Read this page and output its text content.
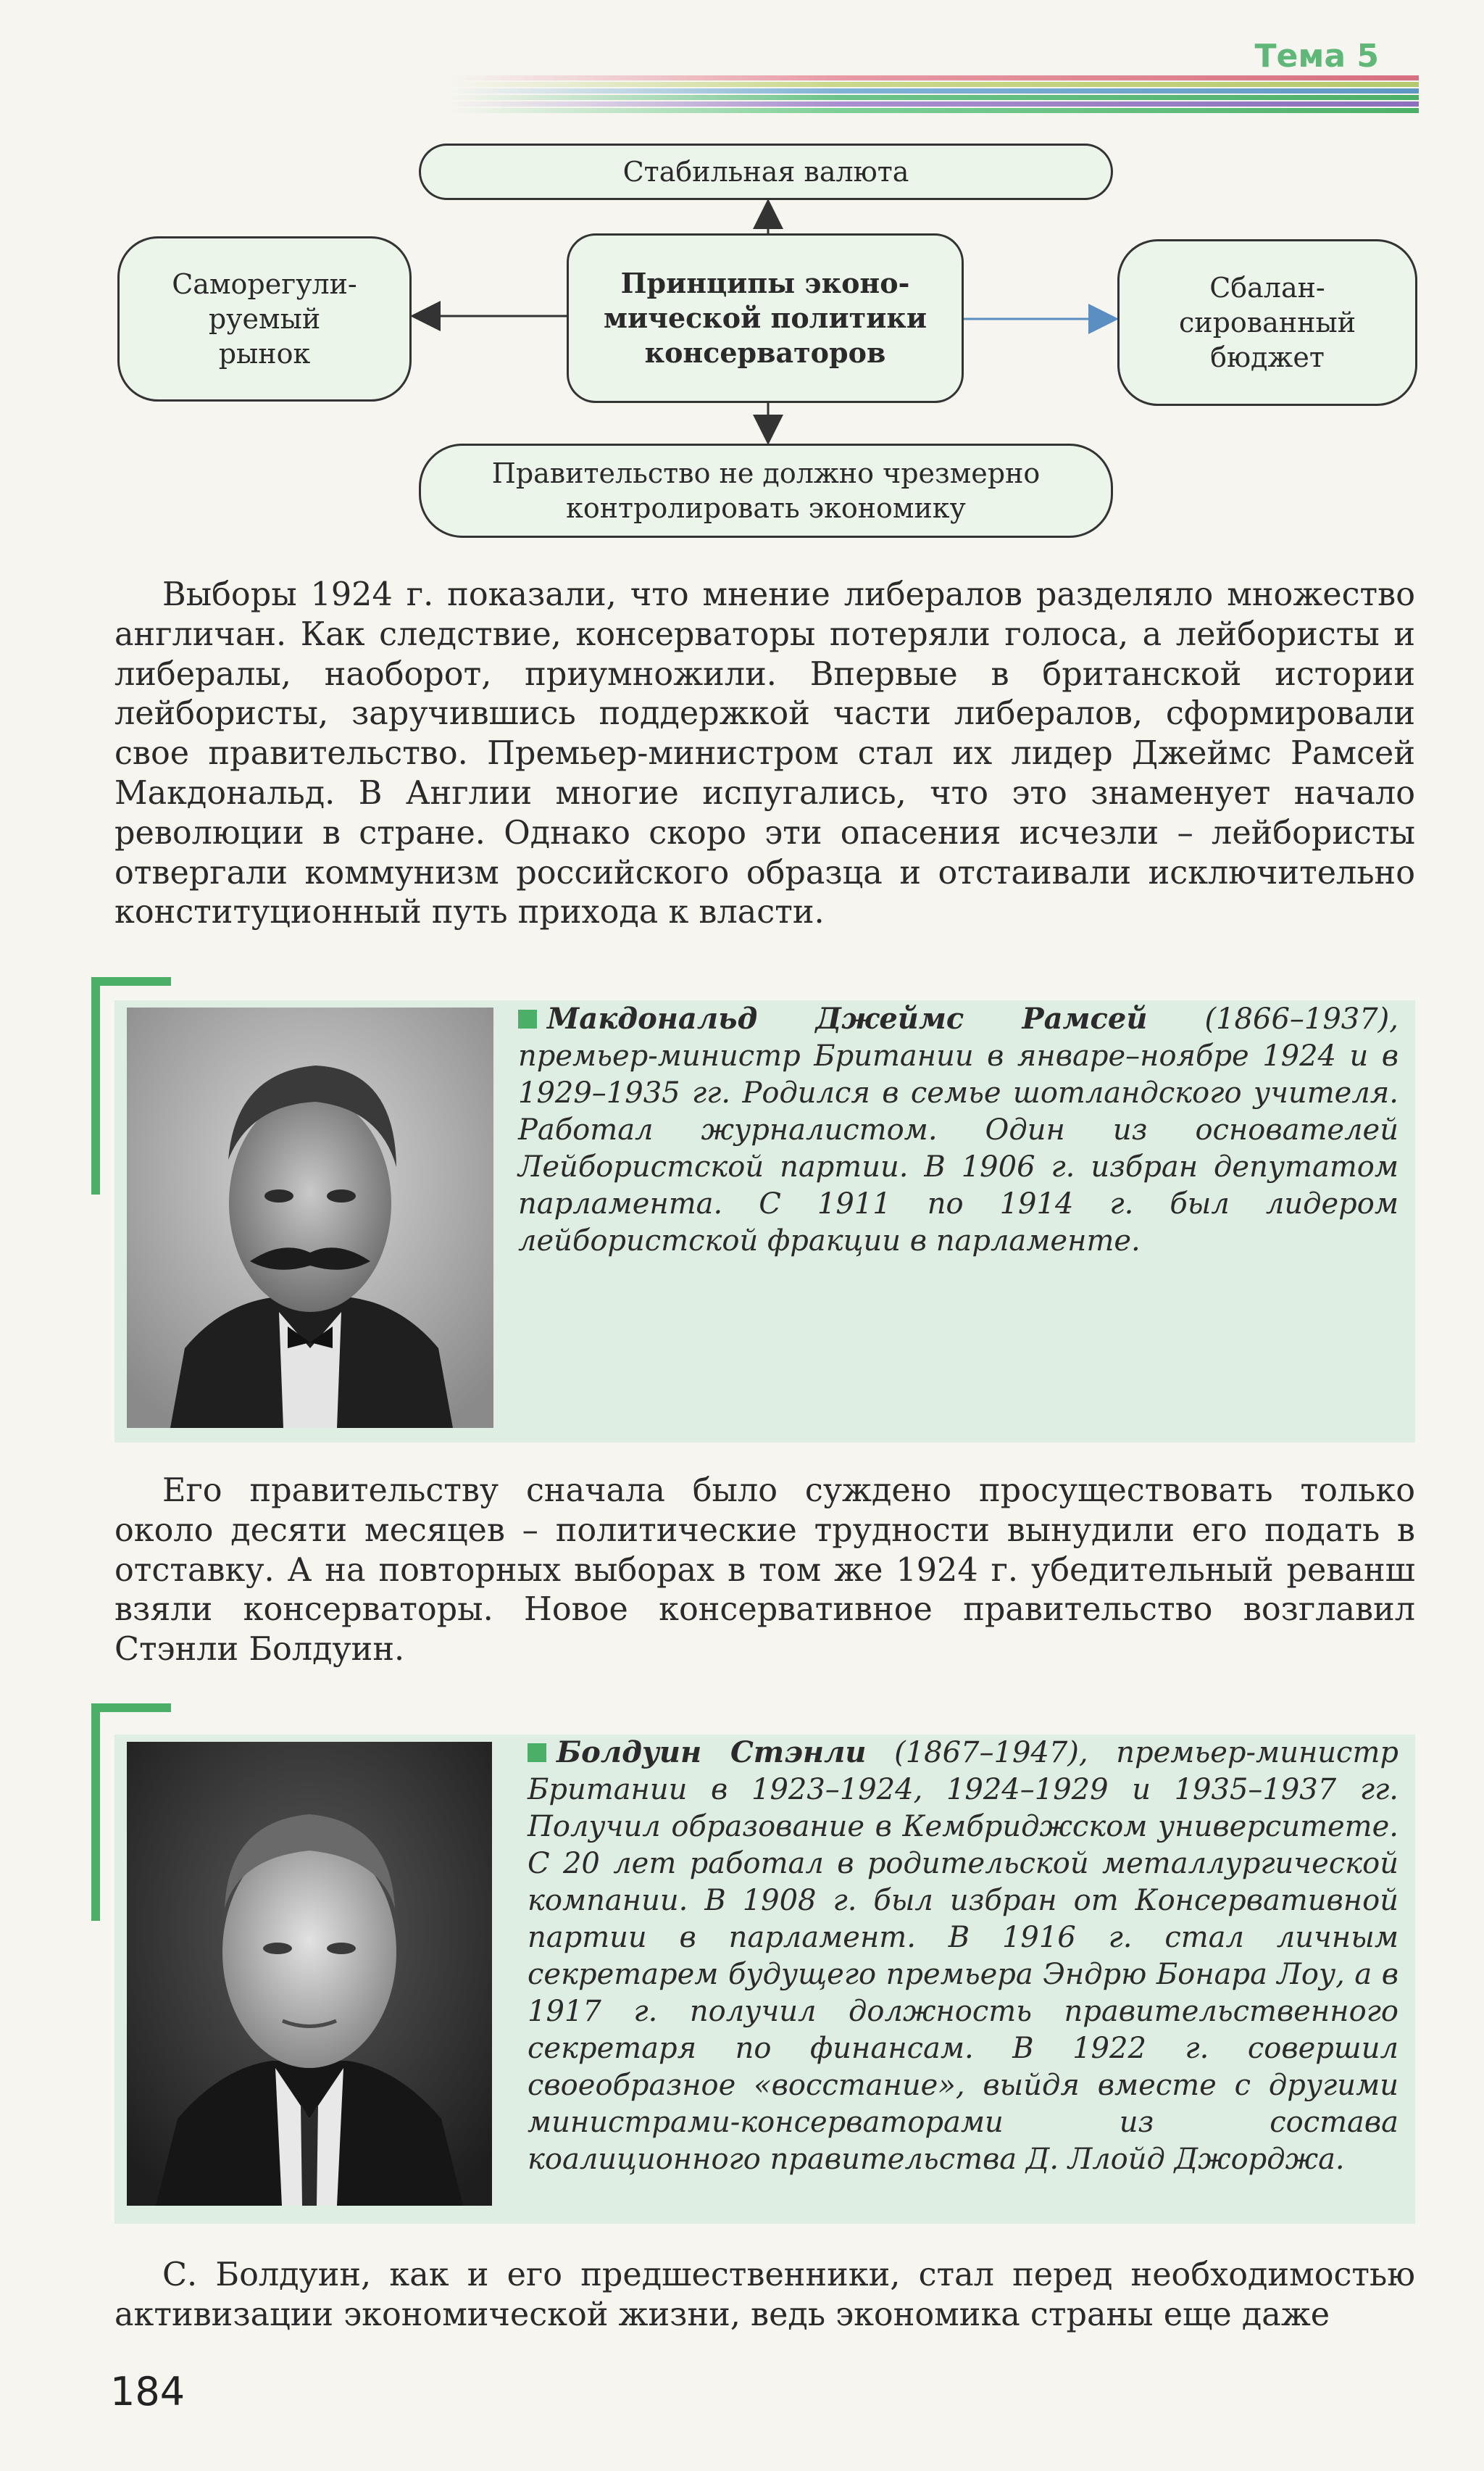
Тема 5
Стабильная валюта
Принципы эконо-
мической политики
консерваторов
Саморегули-
руемый
рынок
Сбалан-
сированный
бюджет
Правительство не должно чрезмерно
контролировать экономику

Выборы 1924 г. показали, что мнение либералов разделяло множество англичан. Как следствие, консерваторы потеряли голоса, а лейбористы и либералы, наоборот, приумножили. Впервые в британской истории лейбористы, заручившись поддержкой части либералов, сформировали свое правительство. Премьер-министром стал их лидер Джеймс Рамсей Макдональд. В Англии многие испугались, что это знаменует начало революции в стране. Однако скоро эти опасения исчезли – лейбористы отвергали коммунизм российского образца и отстаивали исключительно конституционный путь прихода к власти.

Макдональд Джеймс Рамсей (1866–1937), премьер-министр Британии в январе–ноябре 1924 и в 1929–1935 гг. Родился в семье шотландского учителя. Работал журналистом. Один из основателей Лейбористской партии. В 1906 г. избран депутатом парламента. С 1911 по 1914 г. был лидером лейбористской фракции в парламенте.

Его правительству сначала было суждено просуществовать только около десяти месяцев – политические трудности вынудили его подать в отставку. А на повторных выборах в том же 1924 г. убедительный реванш взяли консерваторы. Новое консервативное правительство возглавил Стэнли Болдуин.

Болдуин Стэнли (1867–1947), премьер-министр Британии в 1923–1924, 1924–1929 и 1935–1937 гг. Получил образование в Кембриджском университете. С 20 лет работал в родительской металлургической компании. В 1908 г. был избран от Консервативной партии в парламент. В 1916 г. стал личным секретарем будущего премьера Эндрю Бонара Лоу, а в 1917 г. получил должность правительственного секретаря по финансам. В 1922 г. совершил своеобразное «восстание», выйдя вместе с другими министрами-консерваторами из состава коалиционного правительства Д. Ллойд Джорджа.

С. Болдуин, как и его предшественники, стал перед необходимостью активизации экономической жизни, ведь экономика страны еще даже

184
